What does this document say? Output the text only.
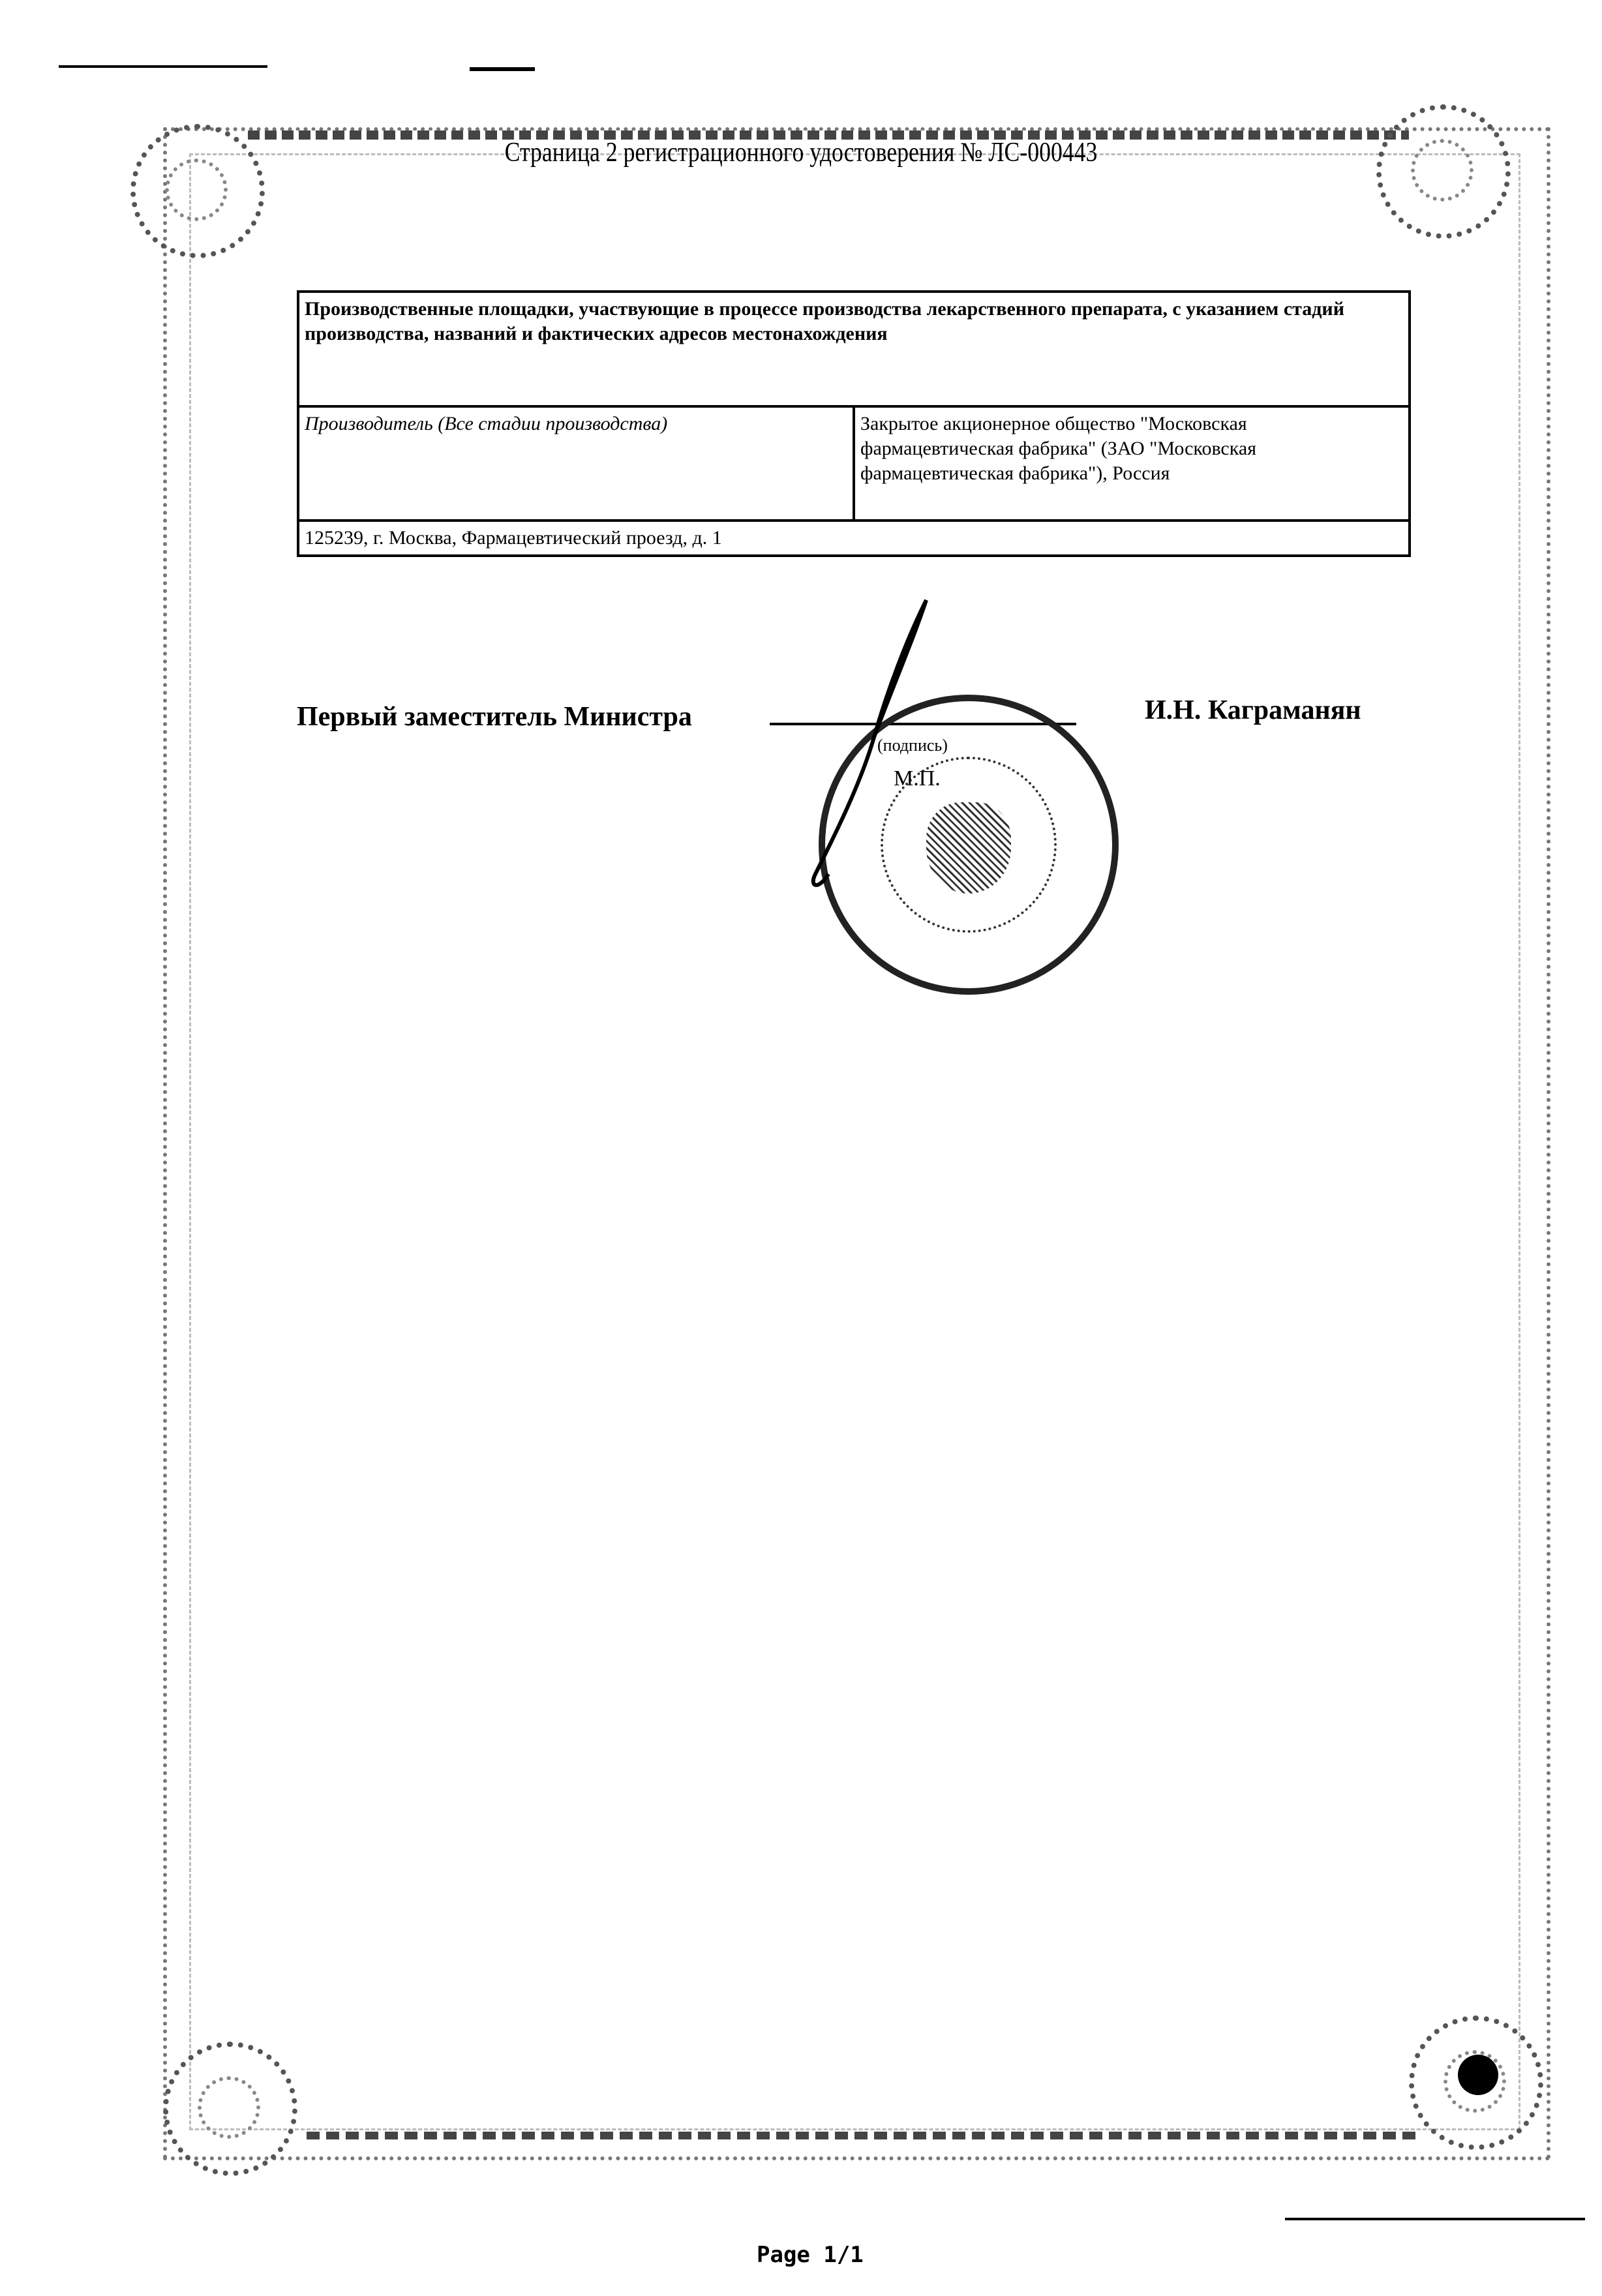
Страница 2 регистрационного удостоверения № ЛС-000443
Производственные площадки, участвующие в процессе производства лекарственного препарата, с указанием стадий производства, названий и фактических адресов местонахождения
Производитель (Все стадии производства)	Закрытое акционерное общество "Московская фармацевтическая фабрика" (ЗАО "Московская фармацевтическая фабрика"), Россия
125239, г. Москва, Фармацевтический проезд, д. 1
Первый заместитель Министра	И.Н. Каграманян
(подпись)
М.П.
Page 1/1
